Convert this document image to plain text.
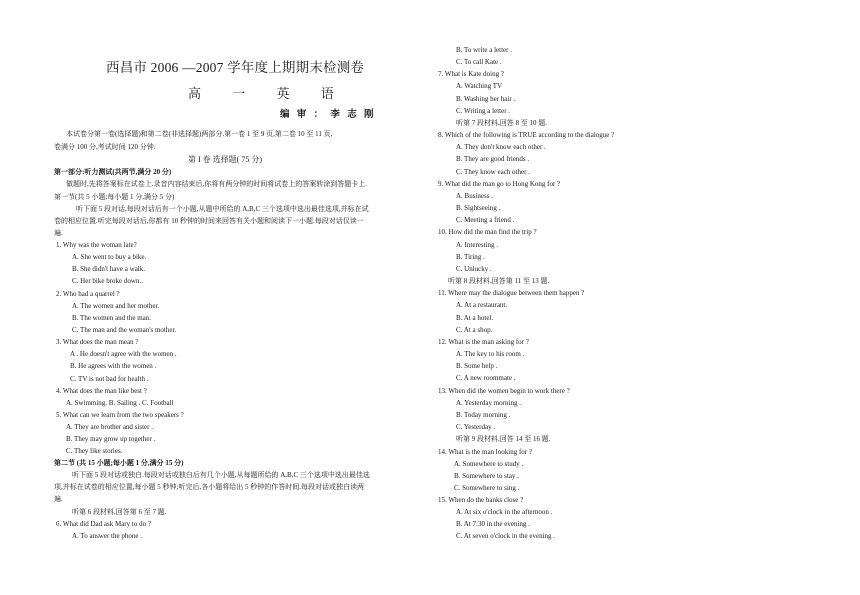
西昌市 2006 —2007 学年度上期期末检测卷
高 一 英 语
编 审 ： 李 志 刚
本试卷分第一卷(选择题)和第二卷(非选择题)两部分.第一卷 1 至 9 页,第二卷 10 至 11 页,
卷满分 100 分,考试时间 120 分钟.
第 I 卷 选择题( 75 分)
第一部分:听力测试(共两节,满分 20 分)
做题时,先将答案标在试卷上.录音内容结束后,你将有两分钟的时间将试卷上的答案转涂到答题卡上.
第一节(共 5 小题;每小题 1 分,满分 5 分)
听下面 5 段对话,每段对话后有一个小题,从题中所给的 A,B,C 三个选项中选出最佳选项,并标在试
卷的相应位置.听完每段对话后,你都有 10 秒钟的时间来回答有关小题和阅读下一小题.每段对话仅读一
遍.
1. Why was the woman late?
A. She went to buy a bike.
B. She didn't have a walk.
C. Her bike broke down..
2. Who had a quarrel ?
A. The women and her mother.
B. The women and the man.
C. The man and the woman's mother.
3. What does the man mean ?
A . He doesn't agree with the women .
B. He agrees with the women .
C. TV is not bad for health .
4. What does the man like best ?
A. Swimming. B. Sailing . C. Football
5. What can we learn from the two speakers ?
A. They are brother and sister .
B. They may grow up together .
C. They like stories.
第二节 (共 15 小题;每小题 1 分,满分 15 分)
听下面 5 段对话或独白.每段对话或独白后有几个小题,从每题所给的 A,B,C 三个选项中选出最佳选
项,并标在试卷的相应位置,每小题 5 秒钟;听完后,各小题将给出 5 秒钟的作答时间.每段对话或独白读两
遍.
听第 6 段材料,回答第 6 至 7 题.
6. What did Dad ask Mary to do ?
A. To answer the phone .
B. To write a letter .
C. To call Kate .
7. What is Kate doing ?
A. Watching TV
B. Washing her hair .
C. Writing a letter .
听第 7 段材料,回答 8 至 10 题.
8. Which of the following is TRUE according to the dialogue ?
A. They don't know each other .
B. They are good friends .
C. They know each other .
9. What did the man go to Hong Kong for ?
A. Business .
B. Sightseeing .
C. Meeting a friend .
10. How did the man find the trip ?
A. Interesting .
B. Tiring .
C. Unlucky .
听第 8 段材料,回答第 11 至 13 题.
11. Where may the dialogue between them happen ?
A. At a restaurant.
B. At a hotel.
C. At a shop.
12. What is the man asking for ?
A. The key to his room .
B. Some help .
C. A new roommate .
13. When did the women begin to work there ?
A. Yesterday morning .
B. Today morning .
C. Yesterday .
听第 9 段材料,回答 14 至 16 题.
14. What is the man looking for ?
A. Somewhere to study .
B. Somewhere to stay .
C. Somewhere to sing .
15. When do the banks close ?
A. At six o'clock in the afternoon .
B. At 7:30 in the evening .
C. At seven o'clock in the evening .
